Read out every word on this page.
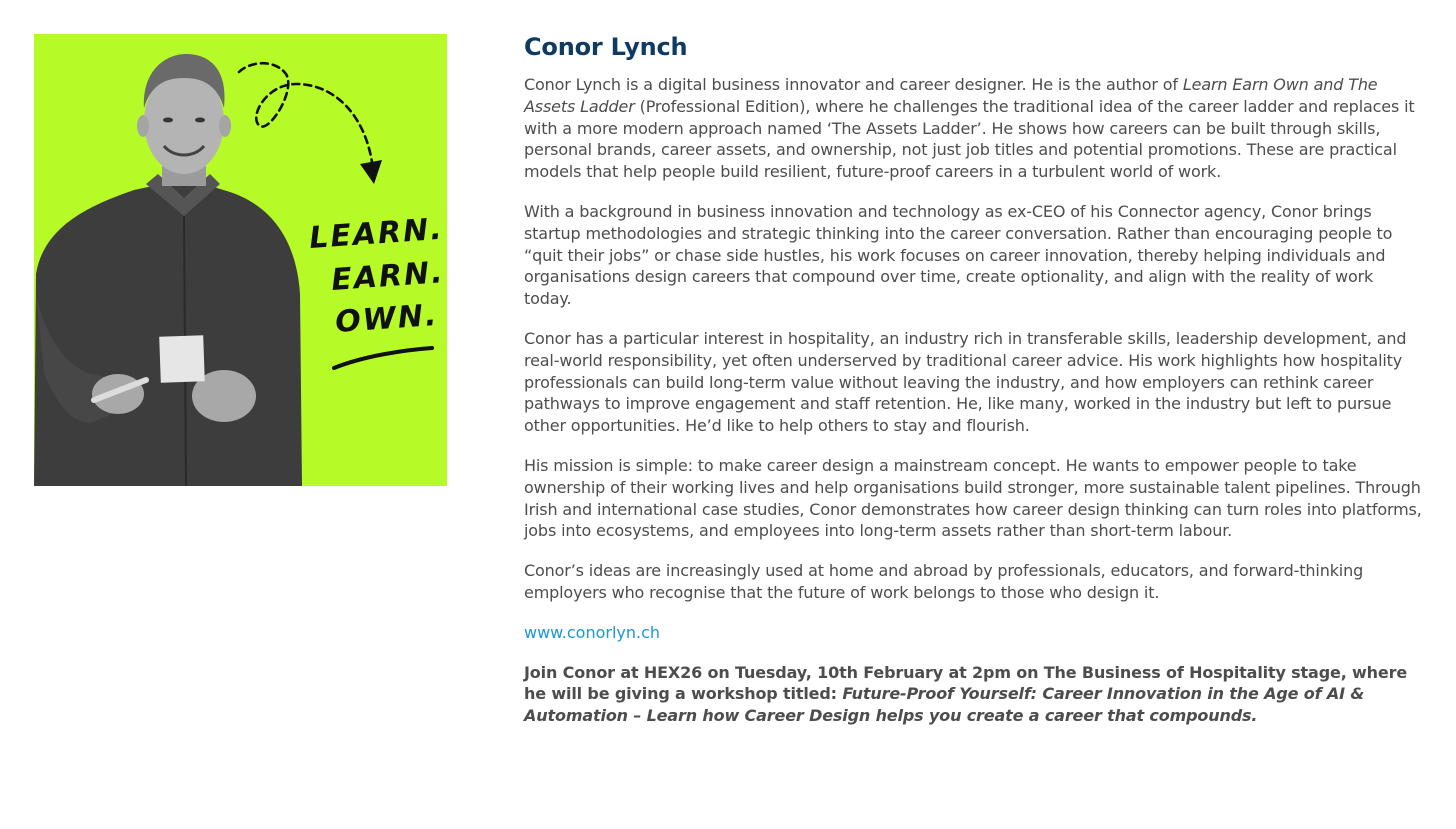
LEARN.
EARN.
OWN.
Conor Lynch

Conor Lynch is a digital business innovator and career designer. He is the author of Learn Earn Own and The Assets Ladder (Professional Edition), where he challenges the traditional idea of the career ladder and replaces it with a more modern approach named ‘The Assets Ladder’. He shows how careers can be built through skills, personal brands, career assets, and ownership, not just job titles and potential promotions. These are practical models that help people build resilient, future-proof careers in a turbulent world of work.

With a background in business innovation and technology as ex-CEO of his Connector agency, Conor brings startup methodologies and strategic thinking into the career conversation. Rather than encouraging people to “quit their jobs” or chase side hustles, his work focuses on career innovation, thereby helping individuals and organisations design careers that compound over time, create optionality, and align with the reality of work today.

Conor has a particular interest in hospitality, an industry rich in transferable skills, leadership development, and real-world responsibility, yet often underserved by traditional career advice. His work highlights how hospitality professionals can build long-term value without leaving the industry, and how employers can rethink career pathways to improve engagement and staff retention. He, like many, worked in the industry but left to pursue other opportunities. He’d like to help others to stay and flourish.

His mission is simple: to make career design a mainstream concept. He wants to empower people to take ownership of their working lives and help organisations build stronger, more sustainable talent pipelines. Through Irish and international case studies, Conor demonstrates how career design thinking can turn roles into platforms, jobs into ecosystems, and employees into long-term assets rather than short-term labour.

Conor’s ideas are increasingly used at home and abroad by professionals, educators, and forward-thinking employers who recognise that the future of work belongs to those who design it.

www.conorlyn.ch

Join Conor at HEX26 on Tuesday, 10th February at 2pm on The Business of Hospitality stage, where he will be giving a workshop titled: Future-Proof Yourself: Career Innovation in the Age of AI & Automation – Learn how Career Design helps you create a career that compounds.
